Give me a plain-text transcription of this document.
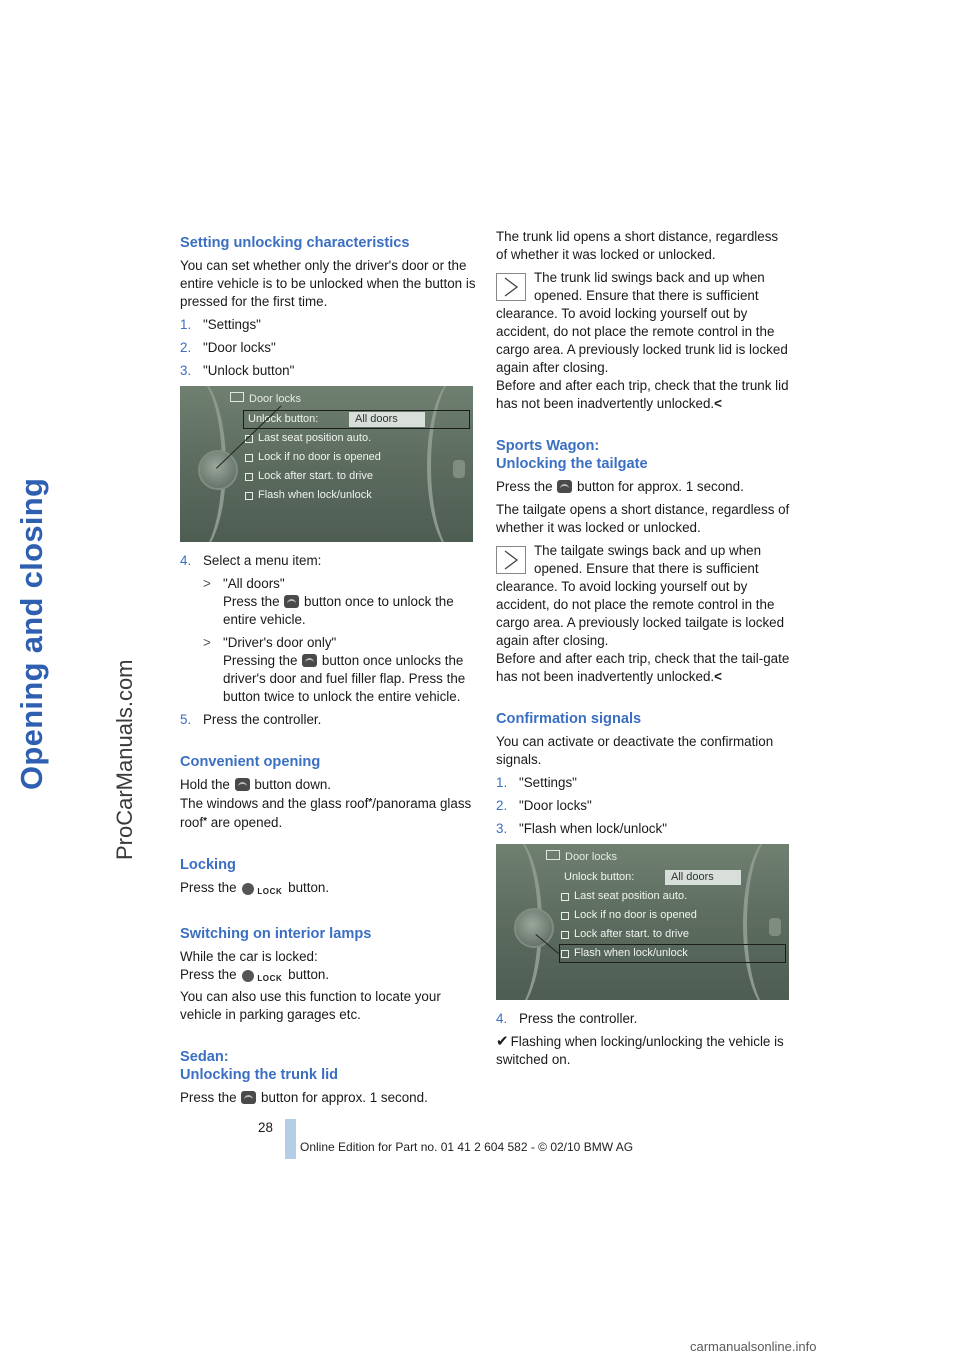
Opening and closing	ProCarManuals.com
Setting unlocking characteristics

You can set whether only the driver's door or the entire vehicle is to be unlocked when the button is pressed for the first time.

1. "Settings"
2. "Door locks"
3. "Unlock button"
Door locks
Unlock button:	All doors
Last seat position auto.
Lock if no door is opened
Lock after start. to drive
Flash when lock/unlock
4. Select a menu item:
> "All doors"
Press the button once to unlock the entire vehicle.
> "Driver's door only"
Pressing the button once unlocks the driver's door and fuel filler flap. Press the button twice to unlock the entire vehicle.
5. Press the controller.
Convenient opening

Hold the button down.
The windows and the glass roof*/panorama glass roof* are opened.

Locking

Press the	LOCK button.

Switching on interior lamps

While the car is locked:
Press the	LOCK button.
You can also use this function to locate your vehicle in parking garages etc.

Sedan:
Unlocking the trunk lid

Press the button for approx. 1 second.

The trunk lid opens a short distance, regardless of whether it was locked or unlocked.

The trunk lid swings back and up when opened. Ensure that there is sufficient clearance. To avoid locking yourself out by accident, do not place the remote control in the cargo area. A previously locked trunk lid is locked again after closing.
Before and after each trip, check that the trunk lid has not been inadvertently unlocked.<

Sports Wagon:
Unlocking the tailgate

Press the button for approx. 1 second.

The tailgate opens a short distance, regardless of whether it was locked or unlocked.

The tailgate swings back and up when opened. Ensure that there is sufficient clearance. To avoid locking yourself out by accident, do not place the remote control in the cargo area. A previously locked tailgate is locked again after closing.
Before and after each trip, check that the tail-gate has not been inadvertently unlocked.<

Confirmation signals

You can activate or deactivate the confirmation signals.

1. "Settings"
2. "Door locks"
3. "Flash when lock/unlock"
Door locks
Unlock button:	All doors
Last seat position auto.
Lock if no door is opened
Lock after start. to drive
Flash when lock/unlock
4. Press the controller.

✔ Flashing when locking/unlocking the vehicle is switched on.

28
Online Edition for Part no. 01 41 2 604 582 - © 02/10 BMW AG
carmanualsonline.info
